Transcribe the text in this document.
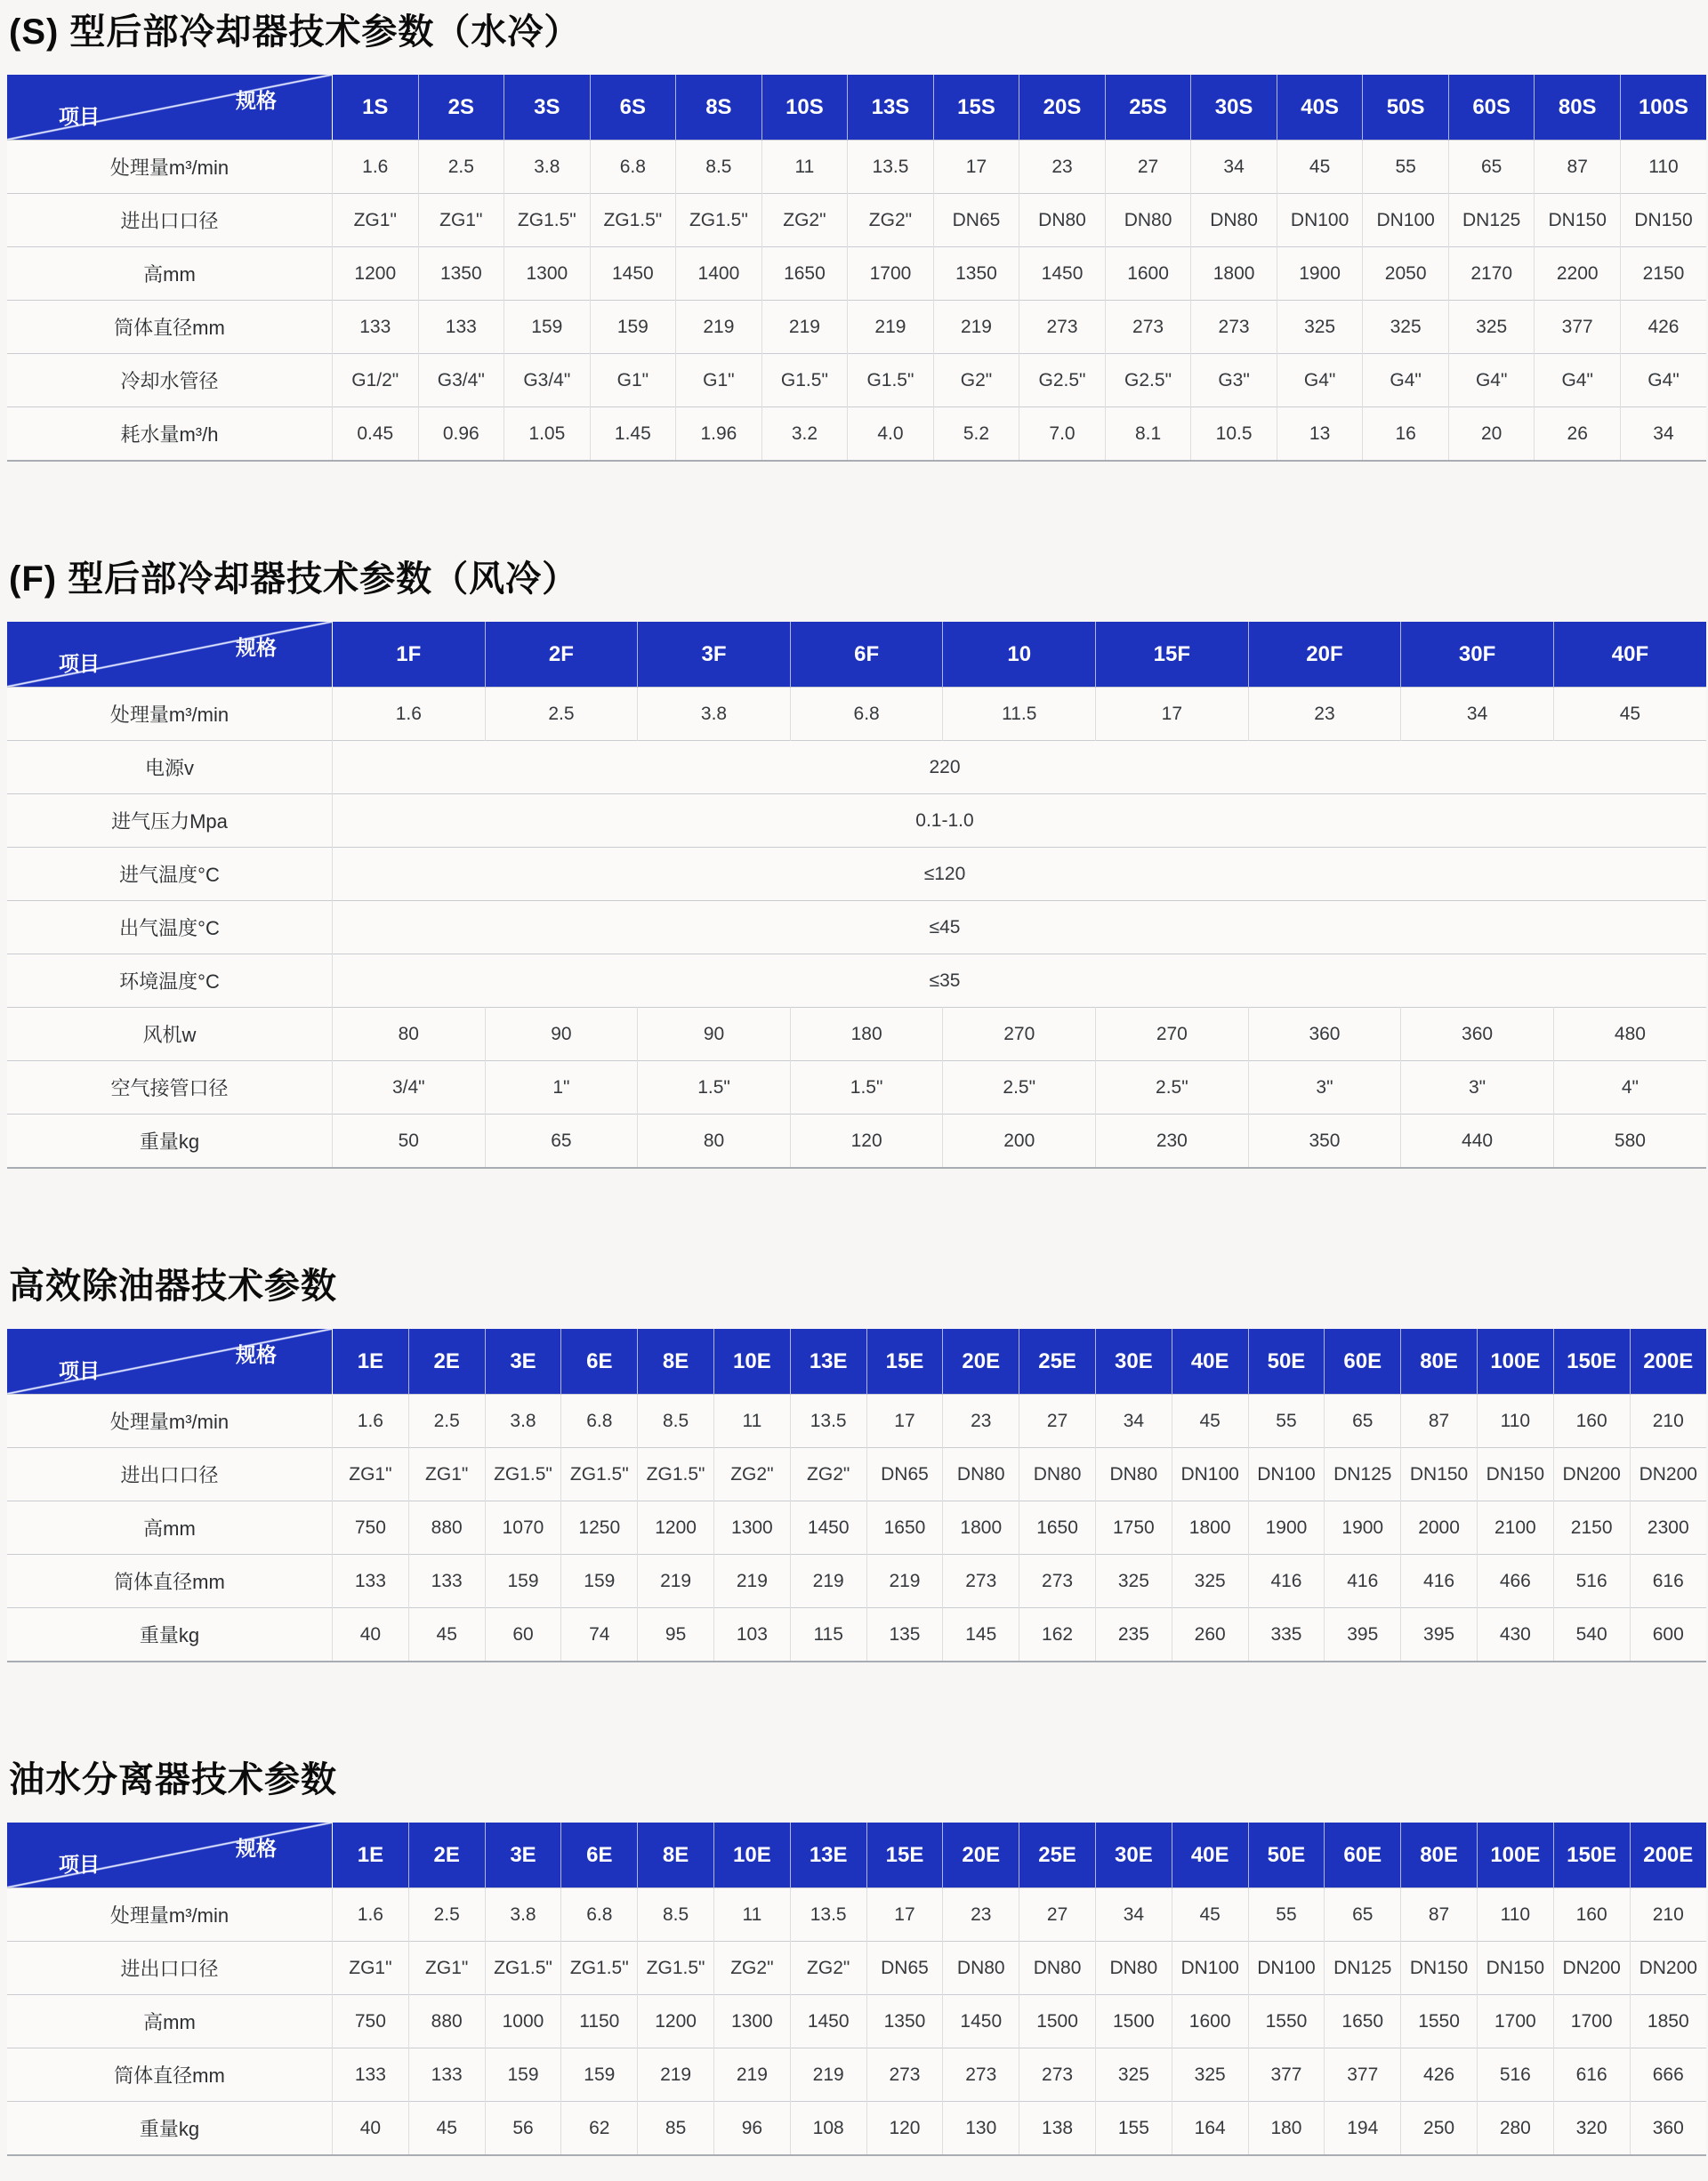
(S) 型后部冷却器技术参数（水冷）
规格
项目	1S	2S	3S	6S	8S	10S	13S	15S	20S	25S	30S	40S	50S	60S	80S	100S
处理量m³/min	1.6	2.5	3.8	6.8	8.5	11	13.5	17	23	27	34	45	55	65	87	110
进出口口径	ZG1"	ZG1"	ZG1.5"	ZG1.5"	ZG1.5"	ZG2"	ZG2"	DN65	DN80	DN80	DN80	DN100	DN100	DN125	DN150	DN150
高mm	1200	1350	1300	1450	1400	1650	1700	1350	1450	1600	1800	1900	2050	2170	2200	2150
筒体直径mm	133	133	159	159	219	219	219	219	273	273	273	325	325	325	377	426
冷却水管径	G1/2"	G3/4"	G3/4"	G1"	G1"	G1.5"	G1.5"	G2"	G2.5"	G2.5"	G3"	G4"	G4"	G4"	G4"	G4"
耗水量m³/h	0.45	0.96	1.05	1.45	1.96	3.2	4.0	5.2	7.0	8.1	10.5	13	16	20	26	34
(F) 型后部冷却器技术参数（风冷）
规格
项目	1F	2F	3F	6F	10	15F	20F	30F	40F
处理量m³/min	1.6	2.5	3.8	6.8	11.5	17	23	34	45
电源v	220								
进气压力Mpa	0.1-1.0								
进气温度°C	≤120								
出气温度°C	≤45								
环境温度°C	≤35								
风机w	80	90	90	180	270	270	360	360	480
空气接管口径	3/4"	1"	1.5"	1.5"	2.5"	2.5"	3"	3"	4"
重量kg	50	65	80	120	200	230	350	440	580
高效除油器技术参数
规格
项目	1E	2E	3E	6E	8E	10E	13E	15E	20E	25E	30E	40E	50E	60E	80E	100E	150E	200E
处理量m³/min	1.6	2.5	3.8	6.8	8.5	11	13.5	17	23	27	34	45	55	65	87	110	160	210
进出口口径	ZG1"	ZG1"	ZG1.5"	ZG1.5"	ZG1.5"	ZG2"	ZG2"	DN65	DN80	DN80	DN80	DN100	DN100	DN125	DN150	DN150	DN200	DN200
高mm	750	880	1070	1250	1200	1300	1450	1650	1800	1650	1750	1800	1900	1900	2000	2100	2150	2300
筒体直径mm	133	133	159	159	219	219	219	219	273	273	325	325	416	416	416	466	516	616
重量kg	40	45	60	74	95	103	115	135	145	162	235	260	335	395	395	430	540	600
油水分离器技术参数
规格
项目	1E	2E	3E	6E	8E	10E	13E	15E	20E	25E	30E	40E	50E	60E	80E	100E	150E	200E
处理量m³/min	1.6	2.5	3.8	6.8	8.5	11	13.5	17	23	27	34	45	55	65	87	110	160	210
进出口口径	ZG1"	ZG1"	ZG1.5"	ZG1.5"	ZG1.5"	ZG2"	ZG2"	DN65	DN80	DN80	DN80	DN100	DN100	DN125	DN150	DN150	DN200	DN200
高mm	750	880	1000	1150	1200	1300	1450	1350	1450	1500	1500	1600	1550	1650	1550	1700	1700	1850
筒体直径mm	133	133	159	159	219	219	219	273	273	273	325	325	377	377	426	516	616	666
重量kg	40	45	56	62	85	96	108	120	130	138	155	164	180	194	250	280	320	360
